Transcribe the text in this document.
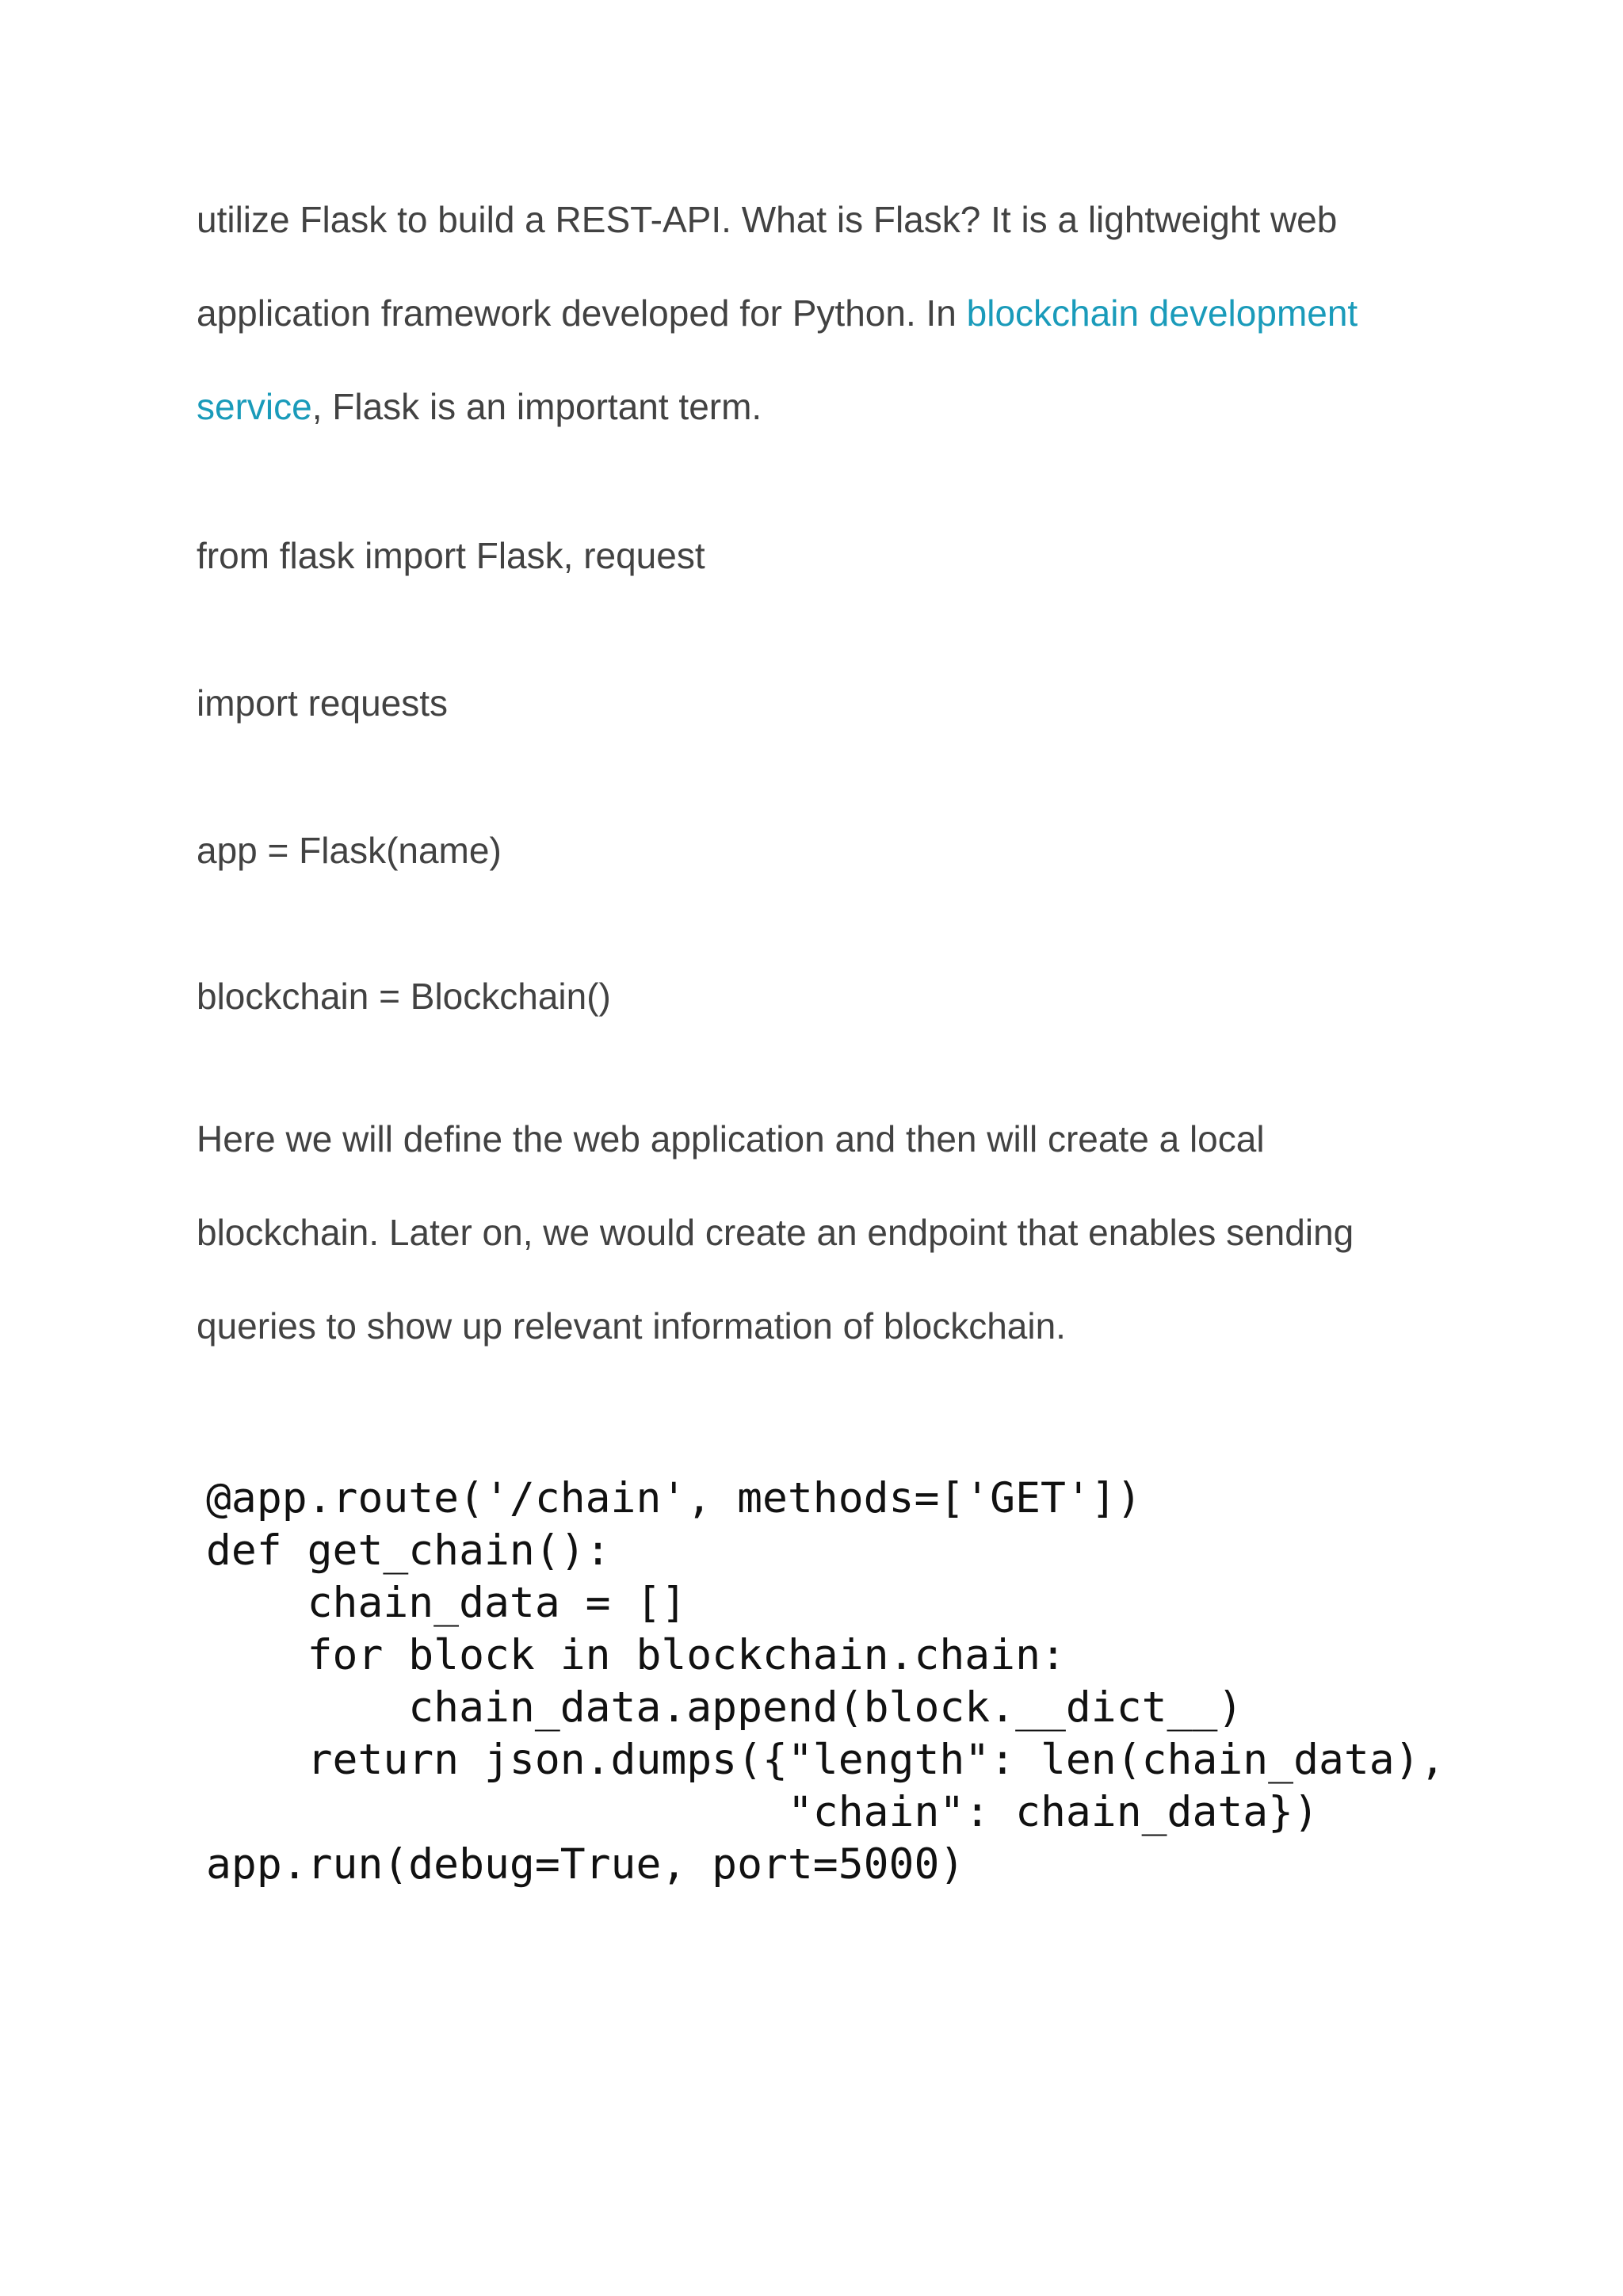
utilize Flask to build a REST-API. What is Flask? It is a lightweight web application framework developed for Python. In blockchain development service, Flask is an important term.

from flask import Flask, request

import requests

app = Flask(name)

blockchain = Blockchain()

Here we will define the web application and then will create a local blockchain. Later on, we would create an endpoint that enables sending queries to show up relevant information of blockchain.

@app.route('/chain', methods=['GET'])
def get_chain():
chain_data = []
for block in blockchain.chain:
chain_data.append(block.__dict__)
return json.dumps({"length": len(chain_data),
"chain": chain_data})
app.run(debug=True, port=5000)
